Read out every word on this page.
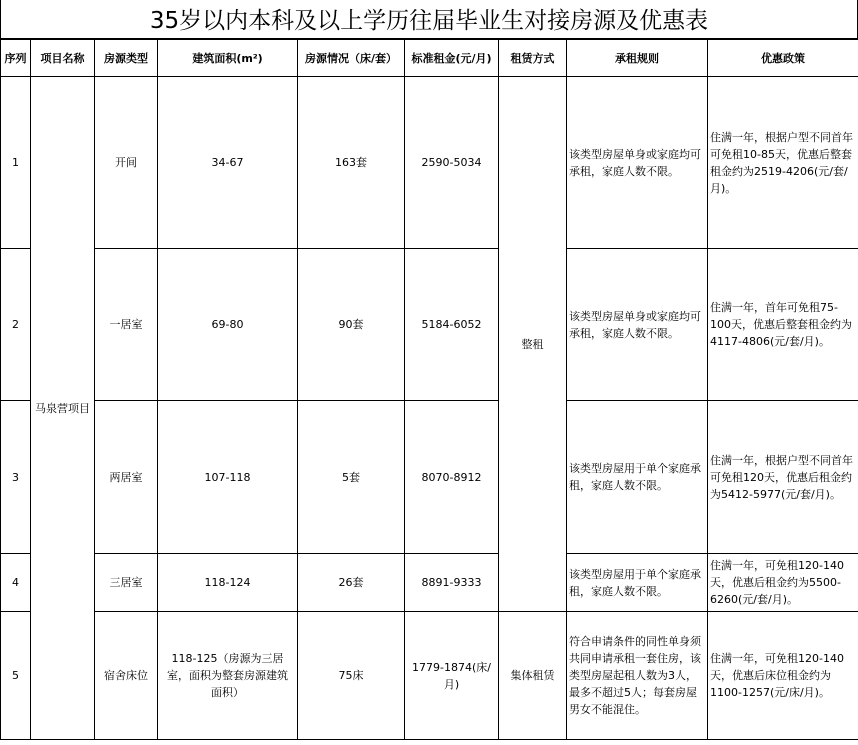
35岁以内本科及以上学历往届毕业生对接房源及优惠表
序列	项目名称	房源类型	建筑面积(m²)	房源情况（床/套）	标准租金(元/月)	租赁方式	承租规则	优惠政策
1	马泉营项目	开间	34-67	163套	2590-5034	整租	该类型房屋单身或家庭均可承租，家庭人数不限。	住满一年，根据户型不同首年可免租10-85天，优惠后整套租金约为2519-4206(元/套/月)。
2		一居室	69-80	90套	5184-6052		该类型房屋单身或家庭均可承租，家庭人数不限。	住满一年，首年可免租75-100天，优惠后整套租金约为4117-4806(元/套/月)。
3		两居室	107-118	5套	8070-8912		该类型房屋用于单个家庭承租，家庭人数不限。	住满一年，根据户型不同首年可免租120天，优惠后租金约为5412-5977(元/套/月)。
4		三居室	118-124	26套	8891-9333		该类型房屋用于单个家庭承租，家庭人数不限。	住满一年，可免租120-140天，优惠后租金约为5500-6260(元/套/月)。
5		宿舍床位	118-125（房源为三居室，面积为整套房源建筑面积）	75床	1779-1874(床/月)	集体租赁	符合申请条件的同性单身须共同申请承租一套住房，该类型房屋起租人数为3人，最多不超过5人；每套房屋男女不能混住。	住满一年，可免租120-140天，优惠后床位租金约为1100-1257(元/床/月)。
